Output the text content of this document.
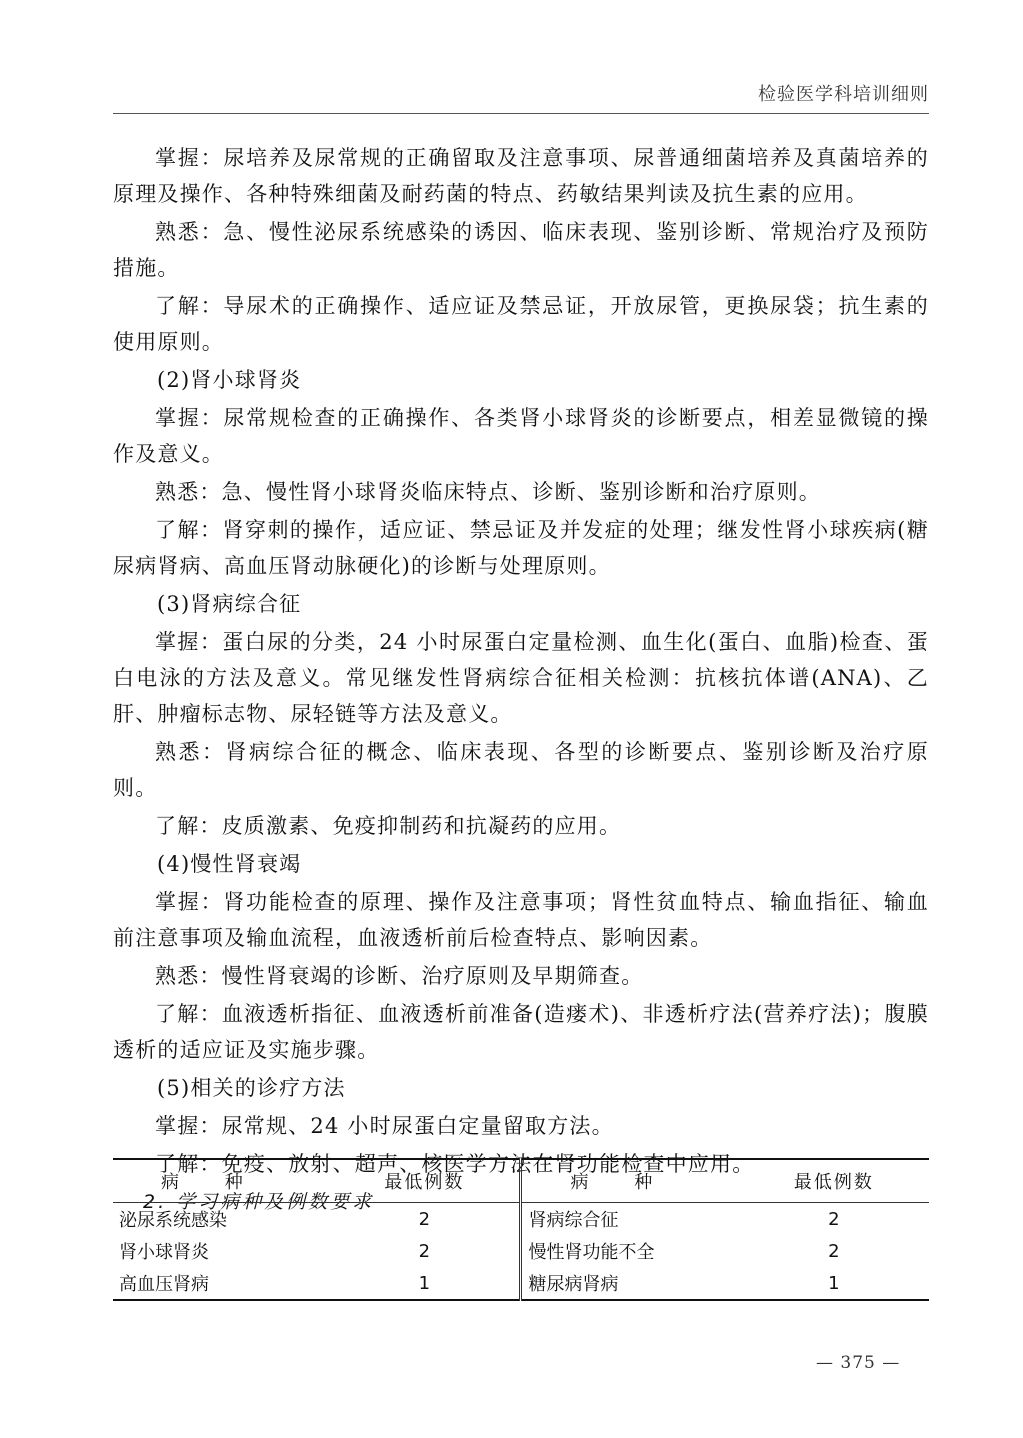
检验医学科培训细则

掌握：尿培养及尿常规的正确留取及注意事项、尿普通细菌培养及真菌培养的原理及操作、各种特殊细菌及耐药菌的特点、药敏结果判读及抗生素的应用。

熟悉：急、慢性泌尿系统感染的诱因、临床表现、鉴别诊断、常规治疗及预防措施。

了解：导尿术的正确操作、适应证及禁忌证，开放尿管，更换尿袋；抗生素的使用原则。

(2)肾小球肾炎

掌握：尿常规检查的正确操作、各类肾小球肾炎的诊断要点，相差显微镜的操作及意义。

熟悉：急、慢性肾小球肾炎临床特点、诊断、鉴别诊断和治疗原则。

了解：肾穿刺的操作，适应证、禁忌证及并发症的处理；继发性肾小球疾病(糖尿病肾病、高血压肾动脉硬化)的诊断与处理原则。

(3)肾病综合征

掌握：蛋白尿的分类，24 小时尿蛋白定量检测、血生化(蛋白、血脂)检查、蛋白电泳的方法及意义。常见继发性肾病综合征相关检测：抗核抗体谱(ANA)、乙肝、肿瘤标志物、尿轻链等方法及意义。

熟悉：肾病综合征的概念、临床表现、各型的诊断要点、鉴别诊断及治疗原则。

了解：皮质激素、免疫抑制药和抗凝药的应用。

(4)慢性肾衰竭

掌握：肾功能检查的原理、操作及注意事项；肾性贫血特点、输血指征、输血前注意事项及输血流程，血液透析前后检查特点、影响因素。

熟悉：慢性肾衰竭的诊断、治疗原则及早期筛查。

了解：血液透析指征、血液透析前准备(造瘘术)、非透析疗法(营养疗法)；腹膜透析的适应证及实施步骤。

(5)相关的诊疗方法

掌握：尿常规、24 小时尿蛋白定量留取方法。

了解：免疫、放射、超声、核医学方法在肾功能检查中应用。

2. 学习病种及例数要求

病 种	最低例数	病 种	最低例数
泌尿系统感染	2	肾病综合征	2
肾小球肾炎	2	慢性肾功能不全	2
高血压肾病	1	糖尿病肾病	1
— 375 —
